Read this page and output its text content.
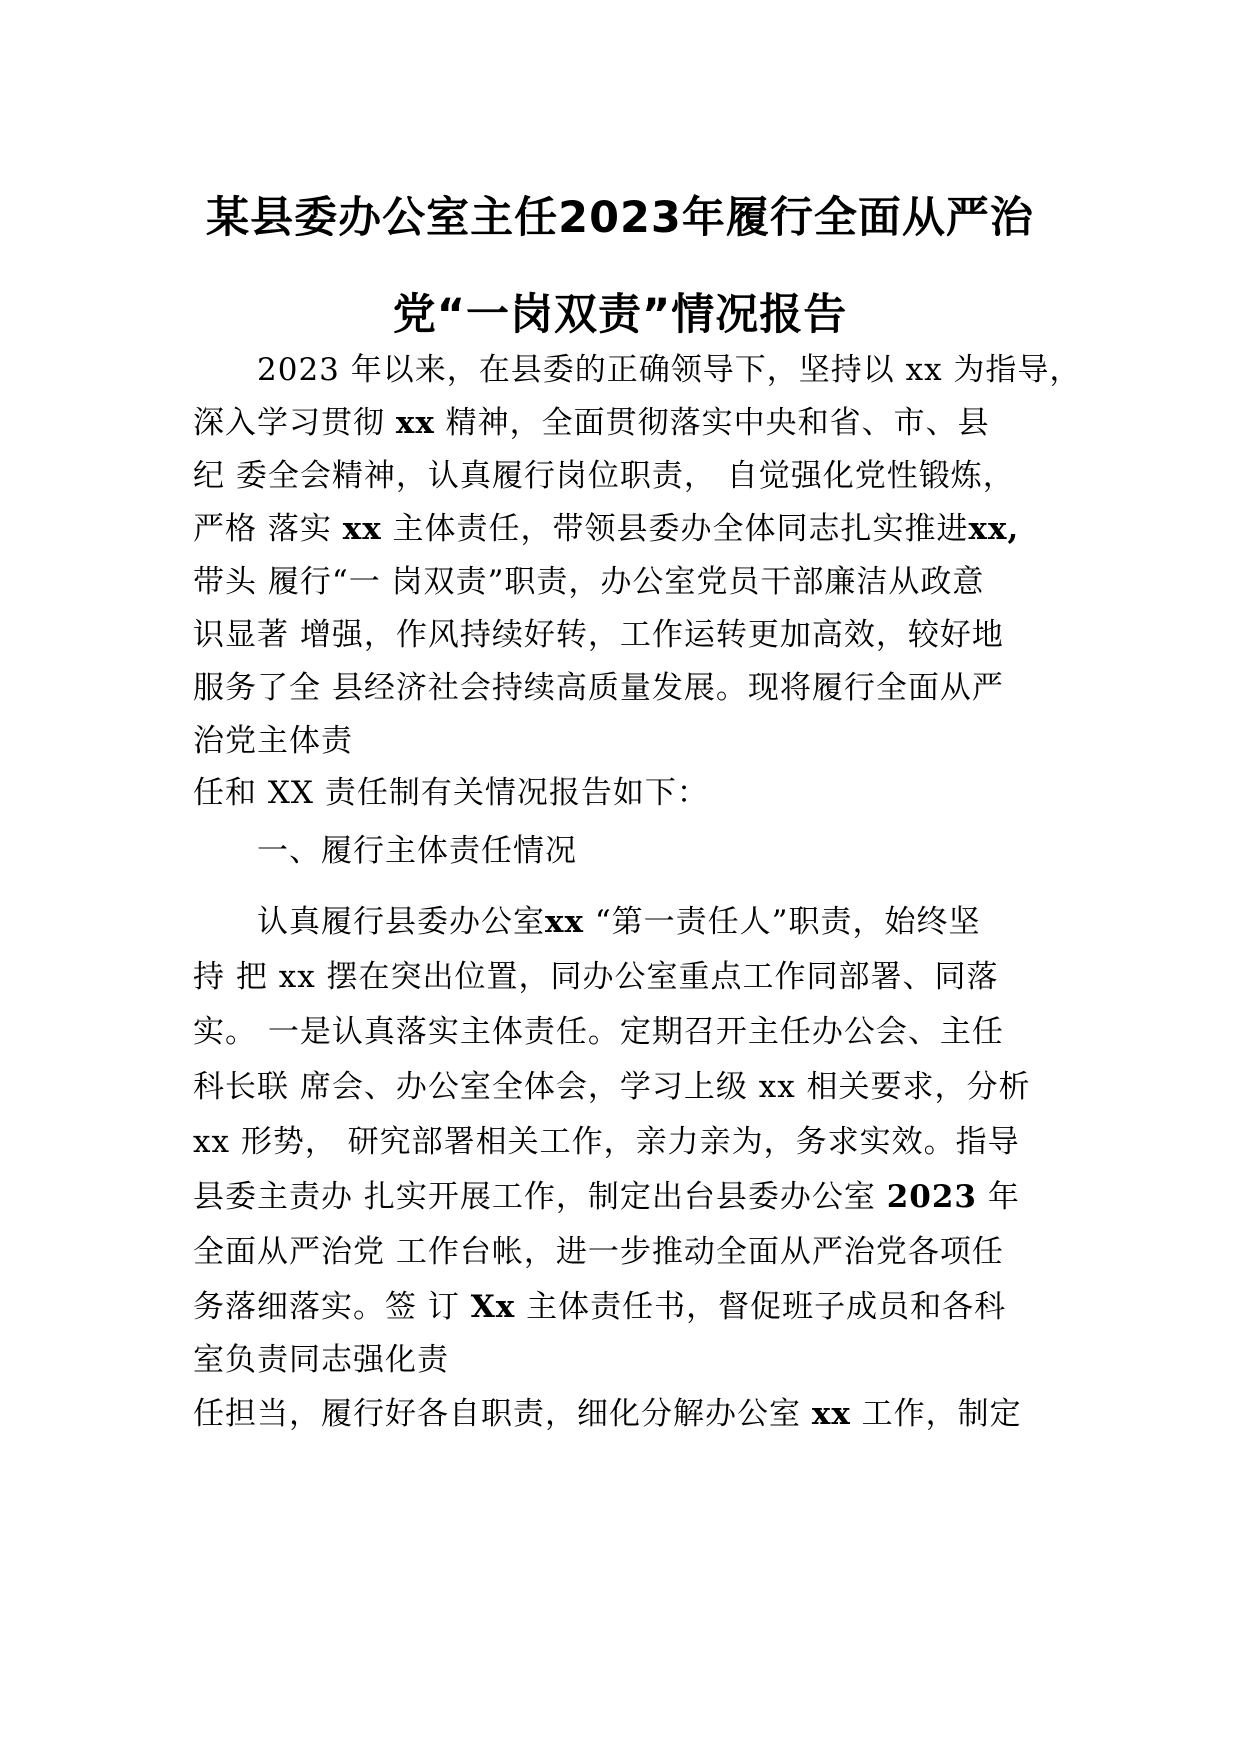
某县委办公室主任2023年履行全面从严治
党“一岗双责”情况报告
2023 年以来，在县委的正确领导下，坚持以 xx 为指导，
深入学习贯彻 xx 精神，全面贯彻落实中央和省、市、县
纪 委全会精神，认真履行岗位职责， 自觉强化党性锻炼，
严格 落实 xx 主体责任，带领县委办全体同志扎实推进xx,
带头 履行“一 岗双责”职责，办公室党员干部廉洁从政意
识显著 增强，作风持续好转，工作运转更加高效，较好地
服务了全 县经济社会持续高质量发展。现将履行全面从严
治党主体责
任和 XX 责任制有关情况报告如下：
一、履行主体责任情况
认真履行县委办公室xx “第一责任人”职责，始终坚
持 把 xx 摆在突出位置，同办公室重点工作同部署、同落
实。 一是认真落实主体责任。定期召开主任办公会、主任
科长联 席会、办公室全体会，学习上级 xx 相关要求，分析
xx 形势， 研究部署相关工作，亲力亲为，务求实效。指导
县委主责办 扎实开展工作，制定出台县委办公室 2023 年
全面从严治党 工作台帐，进一步推动全面从严治党各项任
务落细落实。签 订 Xx 主体责任书，督促班子成员和各科
室负责同志强化责
任担当，履行好各自职责，细化分解办公室 xx 工作，制定
